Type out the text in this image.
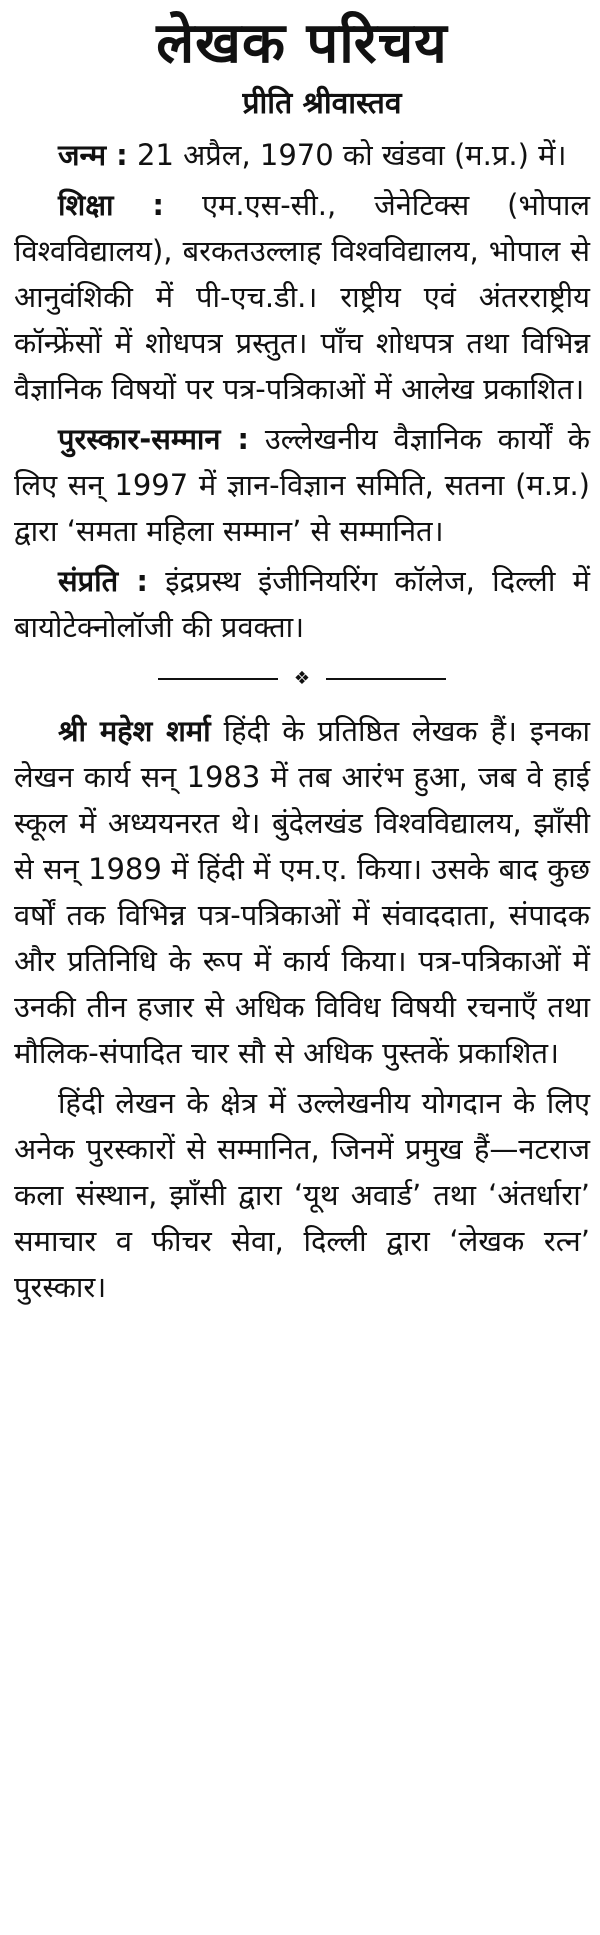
लेखक परिचय
प्रीति श्रीवास्तव

जन्म : 21 अप्रैल, 1970 को खंडवा (म.प्र.) में।

शिक्षा : एम.एस-सी., जेनेटिक्स (भोपाल विश्वविद्यालय), बरकतउल्लाह विश्वविद्यालय, भोपाल से आनुवंशिकी में पी-एच.डी.। राष्ट्रीय एवं अंतरराष्ट्रीय कॉन्फ्रेंसों में शोधपत्र प्रस्तुत। पाँच शोधपत्र तथा विभिन्न वैज्ञानिक विषयों पर पत्र-पत्रिकाओं में आलेख प्रकाशित।

पुरस्कार-सम्मान : उल्लेखनीय वैज्ञानिक कार्यों के लिए सन् 1997 में ज्ञान-विज्ञान समिति, सतना (म.प्र.) द्वारा ‘समता महिला सम्मान’ से सम्मानित।

संप्रति : इंद्रप्रस्थ इंजीनियरिंग कॉलेज, दिल्ली में बायोटेक्नोलॉजी की प्रवक्ता।

❖

श्री महेश शर्मा हिंदी के प्रतिष्ठित लेखक हैं। इनका लेखन कार्य सन् 1983 में तब आरंभ हुआ, जब वे हाई स्कूल में अध्ययनरत थे। बुंदेलखंड विश्वविद्यालय, झाँसी से सन् 1989 में हिंदी में एम.ए. किया। उसके बाद कुछ वर्षों तक विभिन्न पत्र-पत्रिकाओं में संवाददाता, संपादक और प्रतिनिधि के रूप में कार्य किया। पत्र-पत्रिकाओं में उनकी तीन हजार से अधिक विविध विषयी रचनाएँ तथा मौलिक-संपादित चार सौ से अधिक पुस्तकें प्रकाशित।

हिंदी लेखन के क्षेत्र में उल्लेखनीय योगदान के लिए अनेक पुरस्कारों से सम्मानित, जिनमें प्रमुख हैं—नटराज कला संस्थान, झाँसी द्वारा ‘यूथ अवार्ड’ तथा ‘अंतर्धारा’ समाचार व फीचर सेवा, दिल्ली द्वारा ‘लेखक रत्न’ पुरस्कार।
